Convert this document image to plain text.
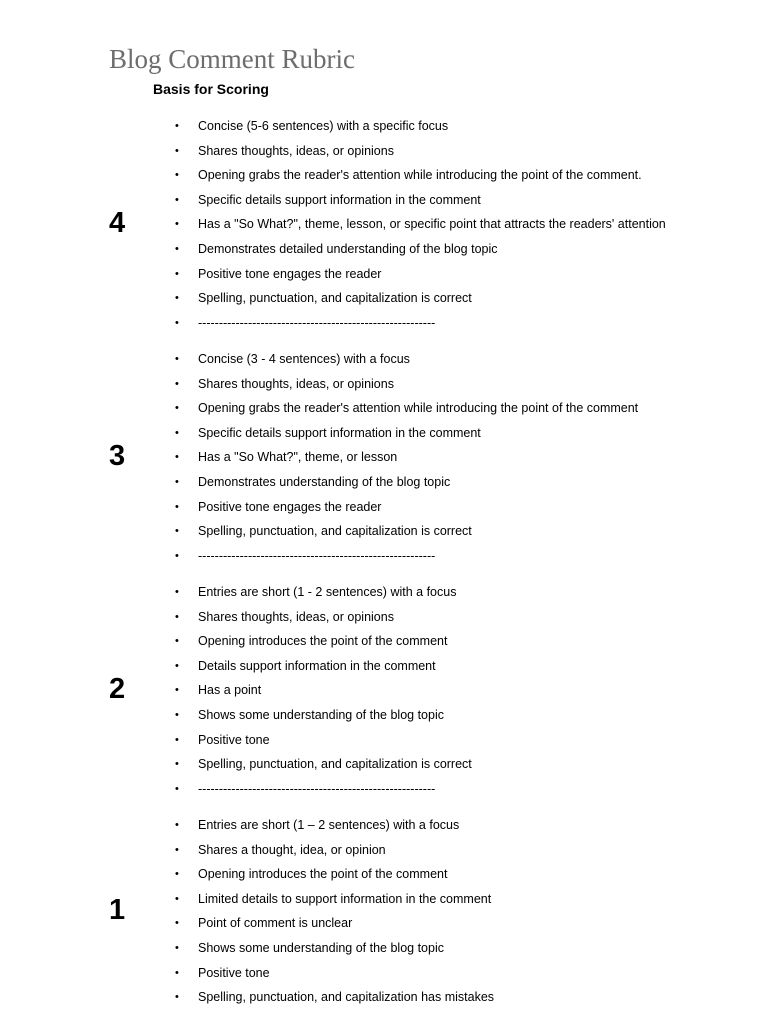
Blog Comment Rubric
Basis for Scoring
4
•	Concise (5-6 sentences) with a specific focus
•	Shares thoughts, ideas, or opinions
•	Opening grabs the reader's attention while introducing the point of the comment.
•	Specific details support information in the comment
•	Has a "So What?", theme, lesson, or specific point that attracts the readers' attention
•	Demonstrates detailed understanding of the blog topic
•	Positive tone engages the reader
•	Spelling, punctuation, and capitalization is correct
•	---------------------------------------------------------
3
•	Concise (3 - 4 sentences) with a focus
•	Shares thoughts, ideas, or opinions
•	Opening grabs the reader's attention while introducing the point of the comment
•	Specific details support information in the comment
•	Has a "So What?", theme, or lesson
•	Demonstrates understanding of the blog topic
•	Positive tone engages the reader
•	Spelling, punctuation, and capitalization is correct
•	---------------------------------------------------------
2
•	Entries are short (1 - 2 sentences) with a focus
•	Shares thoughts, ideas, or opinions
•	Opening introduces the point of the comment
•	Details support information in the comment
•	Has a point
•	Shows some understanding of the blog topic
•	Positive tone
•	Spelling, punctuation, and capitalization is correct
•	---------------------------------------------------------
1
•	Entries are short (1 – 2 sentences) with a focus
•	Shares a thought, idea, or opinion
•	Opening introduces the point of the comment
•	Limited details to support information in the comment
•	Point of comment is unclear
•	Shows some understanding of the blog topic
•	Positive tone
•	Spelling, punctuation, and capitalization has mistakes
